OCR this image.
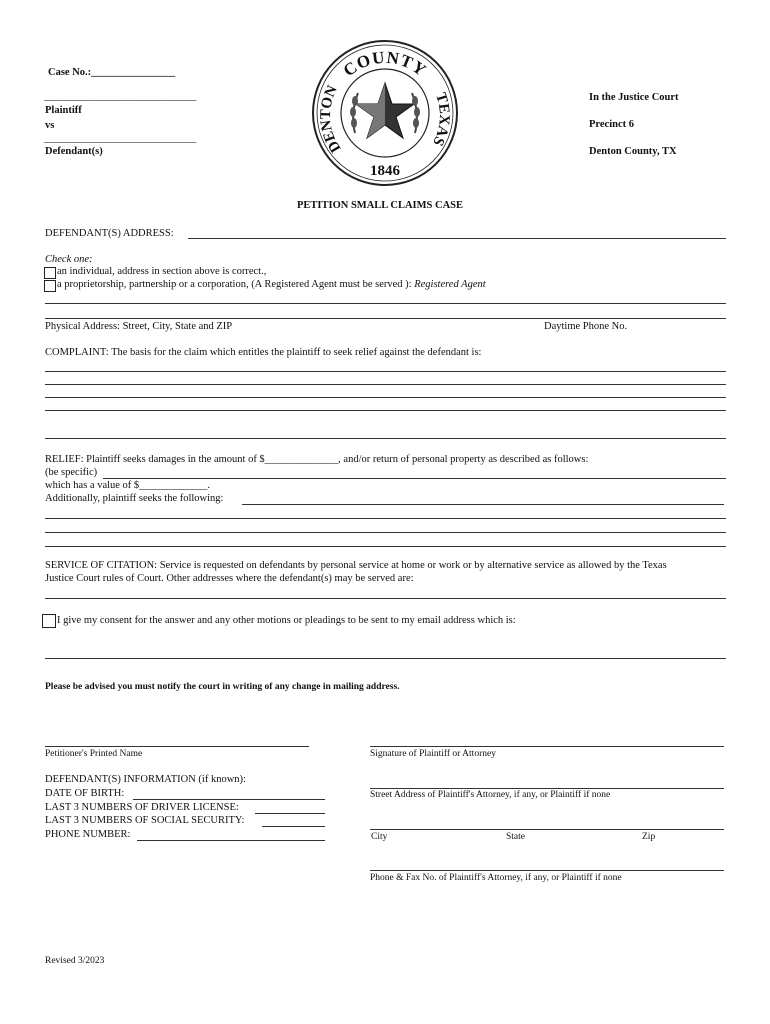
Case No.:________________
_____________________________
Plaintiff
vs
_____________________________
Defendant(s)
In the Justice Court
Precinct 6
Denton County, TX
COUNTY
DENTON	TEXAS
1846
PETITION SMALL CLAIMS CASE
DEFENDANT(S) ADDRESS:
Check one:
an individual, address in section above is correct.,
a proprietorship, partnership or a corporation, (A Registered Agent must be served ): Registered Agent
Physical Address: Street, City, State and ZIP	Daytime Phone No.
COMPLAINT: The basis for the claim which entitles the plaintiff to seek relief against the defendant is:
RELIEF: Plaintiff seeks damages in the amount of $______________, and/or return of personal property as described as follows:
(be specific)
which has a value of $_____________.
Additionally, plaintiff seeks the following:
SERVICE OF CITATION: Service is requested on defendants by personal service at home or work or by alternative service as allowed by the Texas
Justice Court rules of Court. Other addresses where the defendant(s) may be served are:
I give my consent for the answer and any other motions or pleadings to be sent to my email address which is:
Please be advised you must notify the court in writing of any change in mailing address.
Petitioner's Printed Name	Signature of Plaintiff or Attorney
Street Address of Plaintiff's Attorney, if any, or Plaintiff if none
City	State	Zip
Phone & Fax No. of Plaintiff's Attorney, if any, or Plaintiff if none
DEFENDANT(S) INFORMATION (if known):
DATE OF BIRTH:
LAST 3 NUMBERS OF DRIVER LICENSE:
LAST 3 NUMBERS OF SOCIAL SECURITY:
PHONE NUMBER:
Revised 3/2023
